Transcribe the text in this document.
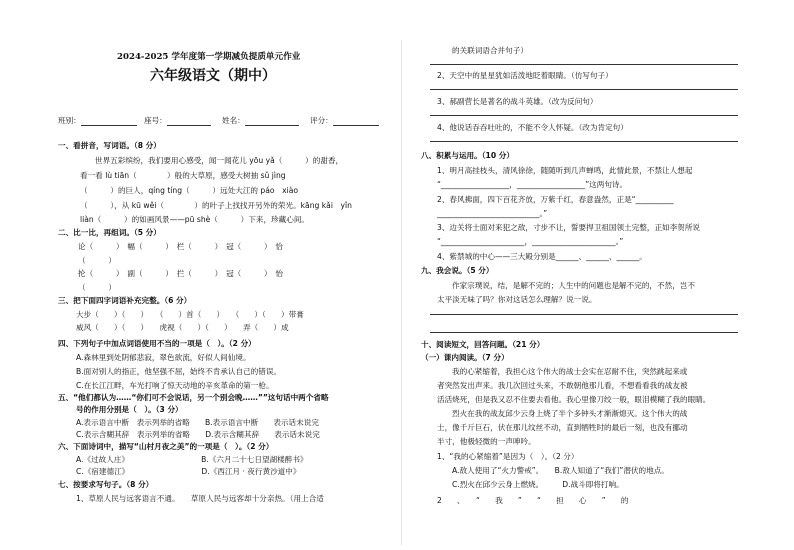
2024-2025 学年度第一学期减负提质单元作业
六年级语文（期中）
班别：	座号：	姓名：	评分：
一、看拼音，写词语。（8 分）
世界五彩缤纷，我们要用心感受，闻一闻花儿 yōu yǎ（　　　）的甜香，
看一看 lù tiān（　　　　）般的大草原，感受大树抽 sǔ jìng
（　　　）的巨人，qíng tíng（　　　）远处大江的 páo　xiào
（　　　），从 kū wěi（　　　　）的叶子上找找开另外的荣光。kāng kǎi　yǐn
liàn（　　　）的如画风景——pū shè（　　　）下来，珍藏心间。
二、比一比，再组词。（5 分）
论（　　　）　幅（　　　）　栏（　　　）　冠（　　　）　恰
（　　　）
抡（　　　）　副（　　　）　拦（　　　）　冠（　　　）　怡
（　　　）
三、把下面四字词语补充完整。（6 分）
大步（　　）（　　）　　（　　）首（　　）　　（　　）（　　）带膏
威风（　　）（　　）　　虎视（　　）（　　）　　弄（　　）成
四、下列句子中加点词语使用不当的一项是（　）。（2 分）
A.森林里到处阴郁悲寂，翠色欲流，好似人间仙境。
B.面对别人的指正，他坚强不屈，始终不肯承认自己的错误。
C.在长江江畔，车光打响了惊天动地的辛亥革命的第一枪。
五、“他们都认为……“你们可不会说话，另一个别会晚……””这句话中两个省略
号的作用分别是（　）。（3 分）
A.表示语言中断　表示列举的省略　　B.表示语言中断　　表示话未说完
C.表示含糊其辞　表示列举的省略　　D.表示含糊其辞　　表示话未说完
六、下面诗词中，描写“山村月夜之美”的一项是（　）。（2 分）
A.《过故人庄》　　　　　　　　　　B.《六月二十七日望湖楼醉书》
C.《宿建德江》　　　　　　　　　　D.《西江月 · 夜行黄沙道中》
七、按要求写句子。（8 分）
1、草原人民与远客语言不通。　　草原人民与远客却十分亲热。（用上合适
的关联词语合并句子）
2、天空中的星星犹如活泼地眨着眼睛。（仿写句子）
3、郝副营长是著名的战斗英雄。（改为反问句）
4、他说话吞吞吐吐的，不能不令人怀疑。（改为肯定句）
八、积累与运用。（10 分）
1、明月高挂枝头，清风徐徐，随随听到几声蝉鸣，此情此景，不禁让人想起
“__________________，__________________”这两句诗。
2、春风拂面，四下百花齐放，万紫千红，春意盎然，正是“__________
___________________________。”
3、边关将士面对来犯之敌，寸步不让，誓要捍卫祖国领土完整，正如李贺所说
“______________________，______________________。”
4、紫禁城的中心——三大殿分别是______、______、______。
九、我会说。（5 分）
作家宗璞说，结，是解不完的；人生中的问题也是解不完的，不然，岂不
太平淡无味了吗？你对这话怎么理解？说一说。
十、阅读短文，回答问题。（21 分）
（一）课内阅读。（7 分）
我的心紧缩着，我担心这个伟大的战士会实在忍耐不住，突然跳起来或
者突然发出声来。我几次回过头来，不敢朝他那儿看，不想看看我的战友被
活活烧死，但是我又忍不住要去看他。我心里像刀绞一般，眼泪模糊了我的眼睛。
烈火在我的战友邱少云身上烧了半个多钟头才渐渐熄灭。这个伟大的战
士，像千斤巨石，伏在那儿纹丝不动，直到牺牲时的最后一刻，也没有挪动
半寸，他极轻微的一声呻吟。
1、“我的心紧缩着”是因为（　）。（2 分）
A.敌人使用了“火力警戒”。　　B.敌人知道了“我们”潜伏的地点。
C.烈火在邱少云身上燃烧。　　　D.战斗即将打响。
2　　、　　“　　我　　”　　“　　担　　心　　”　　的
